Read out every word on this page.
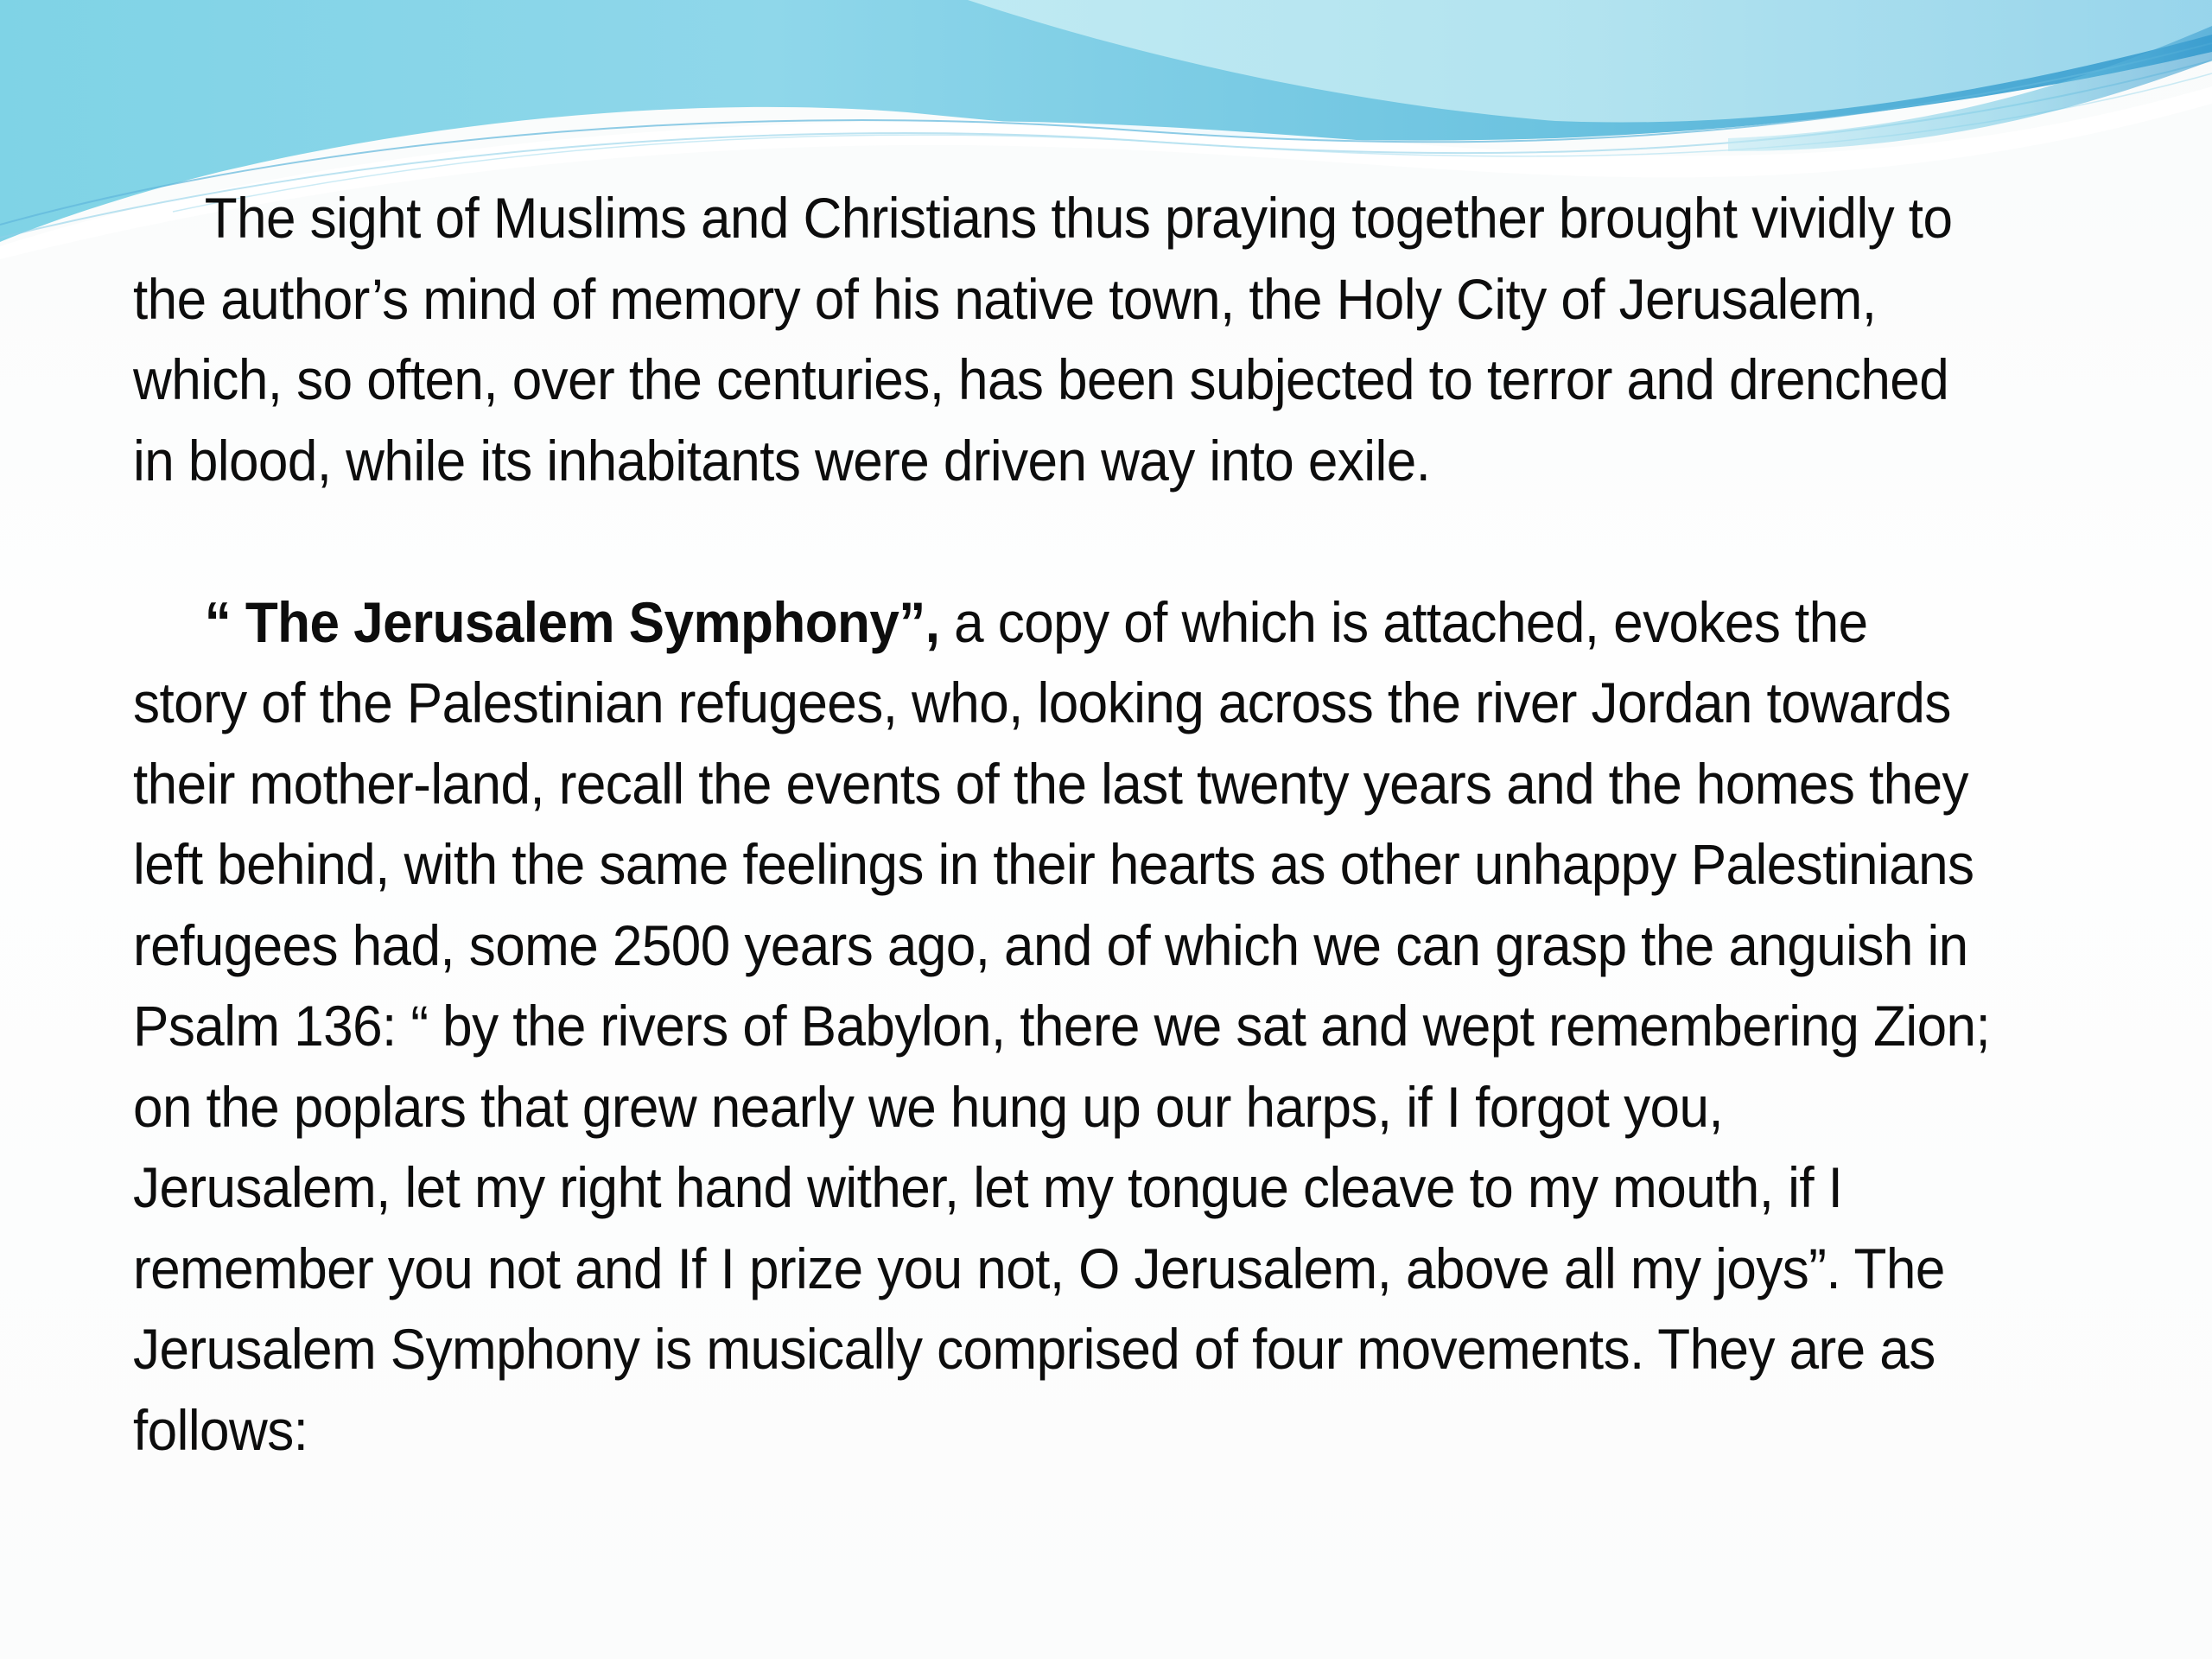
The sight of Muslims and Christians thus praying together brought vividly to the author’s mind of memory of his native town, the Holy City of Jerusalem, which, so often, over the centuries, has been subjected to terror and drenched in blood, while its inhabitants were driven way into exile.

“ The Jerusalem Symphony”, a copy of which is attached, evokes the story of the Palestinian refugees, who, looking across the river Jordan towards their mother-land, recall the events of the last twenty years and the homes they left behind, with the same feelings in their hearts as other unhappy Palestinians refugees had, some 2500 years ago, and of which we can grasp the anguish in Psalm 136: “ by the rivers of Babylon, there we sat and wept remembering Zion; on the poplars that grew nearly we hung up our harps, if I forgot you, Jerusalem, let my right hand wither, let my tongue cleave to my mouth, if I remember you not and If I prize you not, O Jerusalem, above all my joys”. The Jerusalem Symphony is musically comprised of four movements. They are as follows:
